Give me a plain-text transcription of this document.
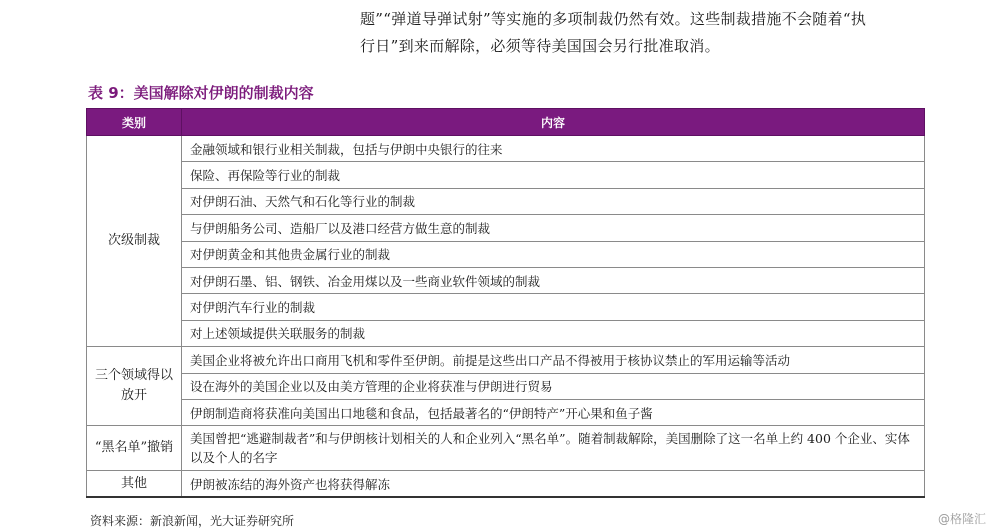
题”“弹道导弹试射”等实施的多项制裁仍然有效。这些制裁措施不会随着“执
行日”到来而解除，必须等待美国国会另行批准取消。
表 9：美国解除对伊朗的制裁内容
类别	内容
次级制裁	金融领域和银行业相关制裁，包括与伊朗中央银行的往来
	保险、再保险等行业的制裁
	对伊朗石油、天然气和石化等行业的制裁
	与伊朗船务公司、造船厂以及港口经营方做生意的制裁
	对伊朗黄金和其他贵金属行业的制裁
	对伊朗石墨、铝、钢铁、冶金用煤以及一些商业软件领域的制裁
	对伊朗汽车行业的制裁
	对上述领域提供关联服务的制裁
三个领域得以放开	美国企业将被允许出口商用飞机和零件至伊朗。前提是这些出口产品不得被用于核协议禁止的军用运输等活动
	设在海外的美国企业以及由美方管理的企业将获准与伊朗进行贸易
	伊朗制造商将获准向美国出口地毯和食品，包括最著名的“伊朗特产”开心果和鱼子酱
“黑名单”撤销	美国曾把“逃避制裁者”和与伊朗核计划相关的人和企业列入“黑名单”。随着制裁解除，美国删除了这一名单上约 400 个企业、实体以及个人的名字
其他	伊朗被冻结的海外资产也将获得解冻
资料来源：新浪新闻，光大证券研究所	@格隆汇
